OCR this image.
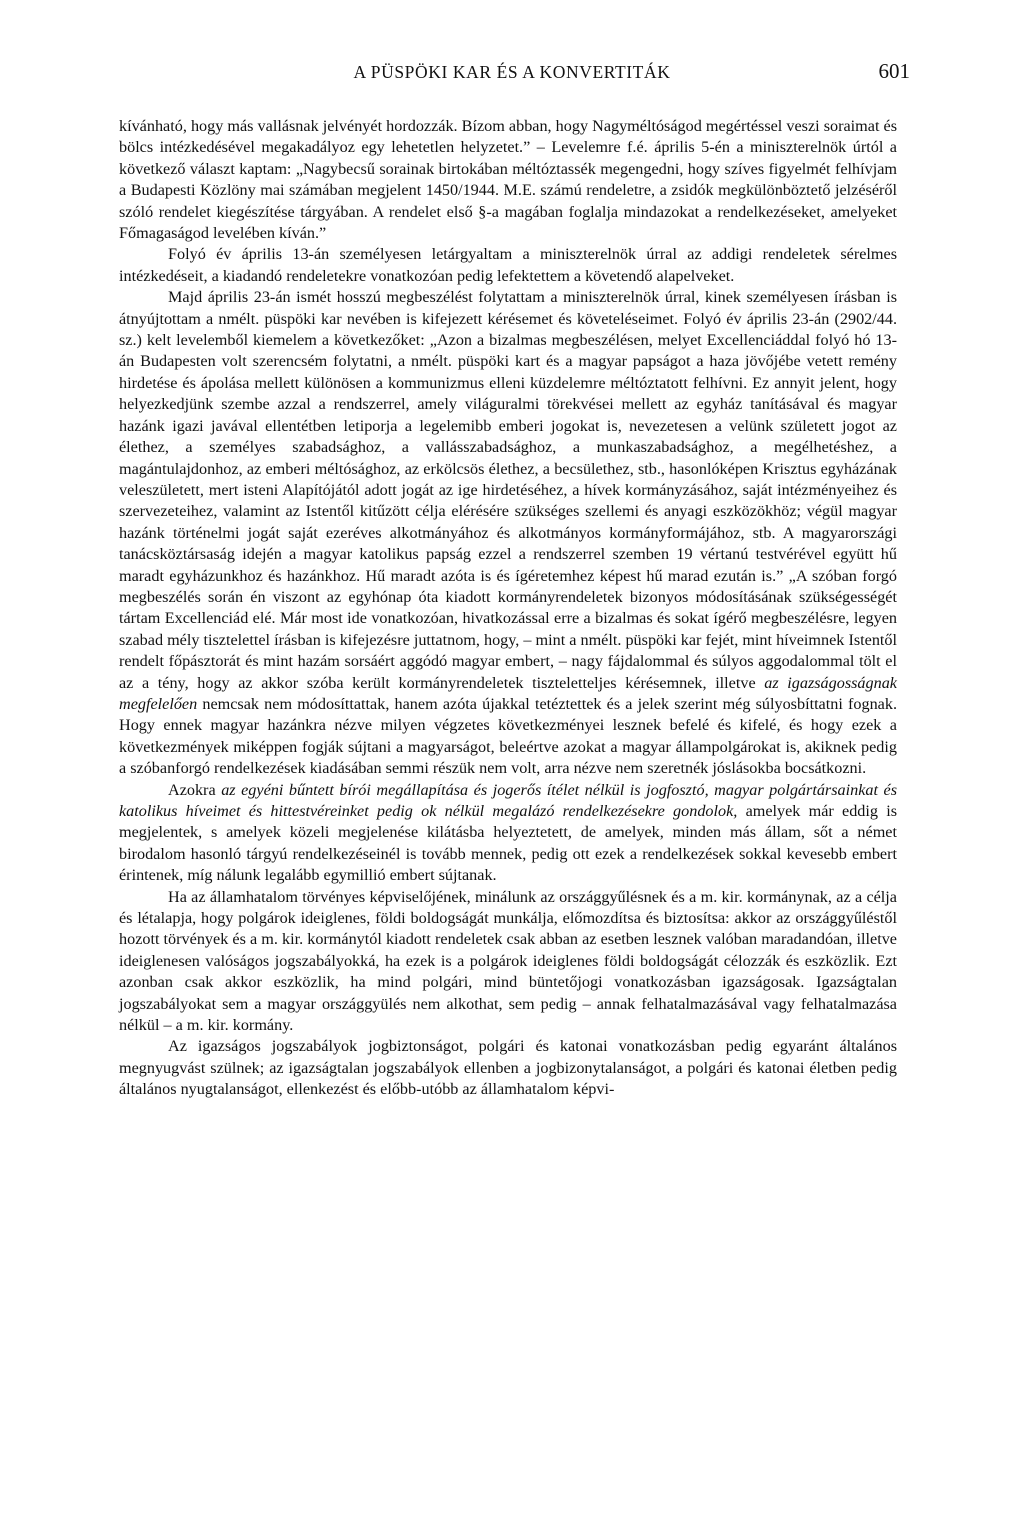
A PÜSPÖKI KAR ÉS A KONVERTITÁK	601

kívánható, hogy más vallásnak jelvényét hordozzák. Bízom abban, hogy Nagyméltóságod megértéssel veszi soraimat és bölcs intézkedésével megakadályoz egy lehetetlen helyzetet.” – Levelemre f.é. április 5-én a miniszterelnök úrtól a következő választ kaptam: „Nagybecsű sorainak birtokában méltóztassék megengedni, hogy szíves figyelmét felhívjam a Budapesti Közlöny mai számában megjelent 1450/1944. M.E. számú rendeletre, a zsidók megkülönböztető jelzéséről szóló rendelet kiegészítése tárgyában. A rendelet első §-a magában foglalja mindazokat a rendelkezéseket, amelyeket Főmagaságod levelében kíván.”

Folyó év április 13-án személyesen letárgyaltam a miniszterelnök úrral az addigi rendeletek sérelmes intézkedéseit, a kiadandó rendeletekre vonatkozóan pedig lefektettem a követendő alapelveket.

Majd április 23-án ismét hosszú megbeszélést folytattam a miniszterelnök úrral, kinek személyesen írásban is átnyújtottam a nmélt. püspöki kar nevében is kifejezett kérésemet és követeléseimet. Folyó év április 23-án (2902/44. sz.) kelt levelemből kiemelem a következőket: „Azon a bizalmas megbeszélésen, melyet Excellenciáddal folyó hó 13-án Budapesten volt szerencsém folytatni, a nmélt. püspöki kart és a magyar papságot a haza jövőjébe vetett remény hirdetése és ápolása mellett különösen a kommunizmus elleni küzdelemre méltóztatott felhívni. Ez annyit jelent, hogy helyezkedjünk szembe azzal a rendszerrel, amely világuralmi törekvései mellett az egyház tanításával és magyar hazánk igazi javával ellentétben letiporja a legelemibb emberi jogokat is, nevezetesen a velünk született jogot az élethez, a személyes szabadsághoz, a vallásszabadsághoz, a munkaszabadsághoz, a megélhetéshez, a magántulajdonhoz, az emberi méltósághoz, az erkölcsös élethez, a becsülethez, stb., hasonlóképen Krisztus egyházának veleszületett, mert isteni Alapítójától adott jogát az ige hirdetéséhez, a hívek kormányzásához, saját intézményeihez és szervezeteihez, valamint az Istentől kitűzött célja elérésére szükséges szellemi és anyagi eszközökhöz; végül magyar hazánk történelmi jogát saját ezeréves alkotmányához és alkotmányos kormányformájához, stb. A magyarországi tanácsköztársaság idején a magyar katolikus papság ezzel a rendszerrel szemben 19 vértanú testvérével együtt hű maradt egyházunkhoz és hazánkhoz. Hű maradt azóta is és ígéretemhez képest hű marad ezután is.” „A szóban forgó megbeszélés során én viszont az egyhónap óta kiadott kormányrendeletek bizonyos módosításának szükségességét tártam Excellenciád elé. Már most ide vonatkozóan, hivatkozással erre a bizalmas és sokat ígérő megbeszélésre, legyen szabad mély tisztelettel írásban is kifejezésre juttatnom, hogy, – mint a nmélt. püspöki kar fejét, mint híveimnek Istentől rendelt főpásztorát és mint hazám sorsáért aggódó magyar embert, – nagy fájdalommal és súlyos aggodalommal tölt el az a tény, hogy az akkor szóba került kormányrendeletek tiszteletteljes kérésemnek, illetve az igazságosságnak megfelelően nemcsak nem módosíttattak, hanem azóta újakkal tetéztettek és a jelek szerint még súlyosbíttatni fognak. Hogy ennek magyar hazánkra nézve milyen végzetes következményei lesznek befelé és kifelé, és hogy ezek a következmények miképpen fogják sújtani a magyarságot, beleértve azokat a magyar állampolgárokat is, akiknek pedig a szóbanforgó rendelkezések kiadásában semmi részük nem volt, arra nézve nem szeretnék jóslásokba bocsátkozni.

Azokra az egyéni bűntett bírói megállapítása és jogerős ítélet nélkül is jogfosztó, magyar polgártársainkat és katolikus híveimet és hittestvéreinket pedig ok nélkül megalázó rendelkezésekre gondolok, amelyek már eddig is megjelentek, s amelyek közeli megjelenése kilátásba helyeztetett, de amelyek, minden más állam, sőt a német birodalom hasonló tárgyú rendelkezéseinél is tovább mennek, pedig ott ezek a rendelkezések sokkal kevesebb embert érintenek, míg nálunk legalább egymillió embert sújtanak.

Ha az államhatalom törvényes képviselőjének, minálunk az országgyűlésnek és a m. kir. kormánynak, az a célja és létalapja, hogy polgárok ideiglenes, földi boldogságát munkálja, előmozdítsa és biztosítsa: akkor az országgyűléstől hozott törvények és a m. kir. kormánytól kiadott rendeletek csak abban az esetben lesznek valóban maradandóan, illetve ideiglenesen valóságos jogszabályokká, ha ezek is a polgárok ideiglenes földi boldogságát célozzák és eszközlik. Ezt azonban csak akkor eszközlik, ha mind polgári, mind büntetőjogi vonatkozásban igazságosak. Igazságtalan jogszabályokat sem a magyar országgyülés nem alkothat, sem pedig – annak felhatalmazásával vagy felhatalmazása nélkül – a m. kir. kormány.

Az igazságos jogszabályok jogbiztonságot, polgári és katonai vonatkozásban pedig egyaránt általános megnyugvást szülnek; az igazságtalan jogszabályok ellenben a jogbizonytalanságot, a polgári és katonai életben pedig általános nyugtalanságot, ellenkezést és előbb-utóbb az államhatalom képvi-
